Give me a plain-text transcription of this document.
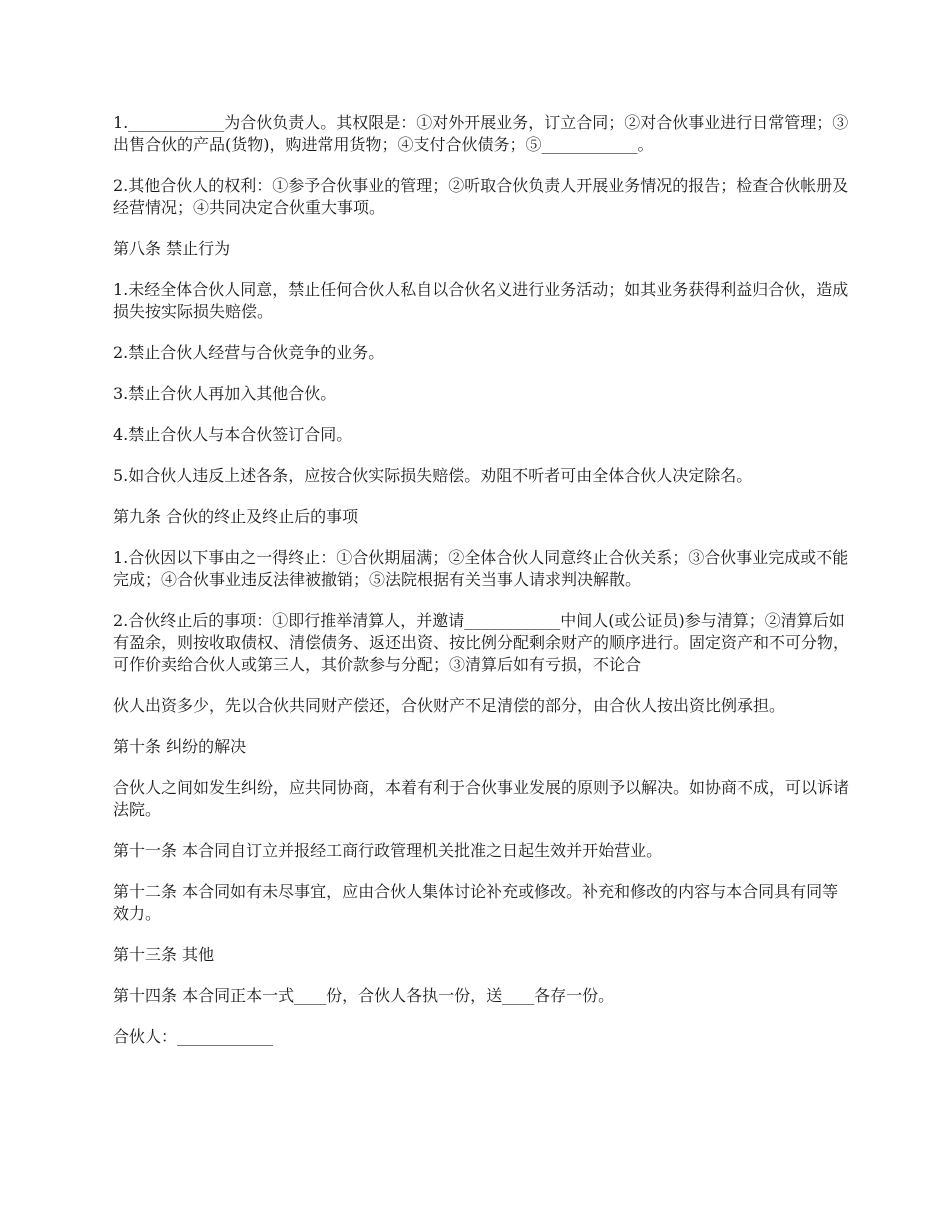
1.____________为合伙负责人。其权限是：①对外开展业务，订立合同；②对合伙事业进行日常管理；③出售合伙的产品(货物)，购进常用货物；④支付合伙债务；⑤____________。

2.其他合伙人的权利：①参予合伙事业的管理；②听取合伙负责人开展业务情况的报告；检查合伙帐册及经营情况；④共同决定合伙重大事项。

第八条 禁止行为

1.未经全体合伙人同意，禁止任何合伙人私自以合伙名义进行业务活动；如其业务获得利益归合伙，造成损失按实际损失赔偿。

2.禁止合伙人经营与合伙竞争的业务。

3.禁止合伙人再加入其他合伙。

4.禁止合伙人与本合伙签订合同。

5.如合伙人违反上述各条，应按合伙实际损失赔偿。劝阻不听者可由全体合伙人决定除名。

第九条 合伙的终止及终止后的事项

1.合伙因以下事由之一得终止：①合伙期届满；②全体合伙人同意终止合伙关系；③合伙事业完成或不能完成；④合伙事业违反法律被撤销；⑤法院根据有关当事人请求判决解散。

2.合伙终止后的事项：①即行推举清算人，并邀请____________中间人(或公证员)参与清算；②清算后如有盈余，则按收取债权、清偿债务、返还出资、按比例分配剩余财产的顺序进行。固定资产和不可分物，可作价卖给合伙人或第三人，其价款参与分配；③清算后如有亏损，不论合

伙人出资多少，先以合伙共同财产偿还，合伙财产不足清偿的部分，由合伙人按出资比例承担。

第十条 纠纷的解决

合伙人之间如发生纠纷，应共同协商，本着有利于合伙事业发展的原则予以解决。如协商不成，可以诉诸法院。

第十一条 本合同自订立并报经工商行政管理机关批准之日起生效并开始营业。

第十二条 本合同如有未尽事宜，应由合伙人集体讨论补充或修改。补充和修改的内容与本合同具有同等效力。

第十三条 其他

第十四条 本合同正本一式____份，合伙人各执一份，送____各存一份。

合伙人：____________
